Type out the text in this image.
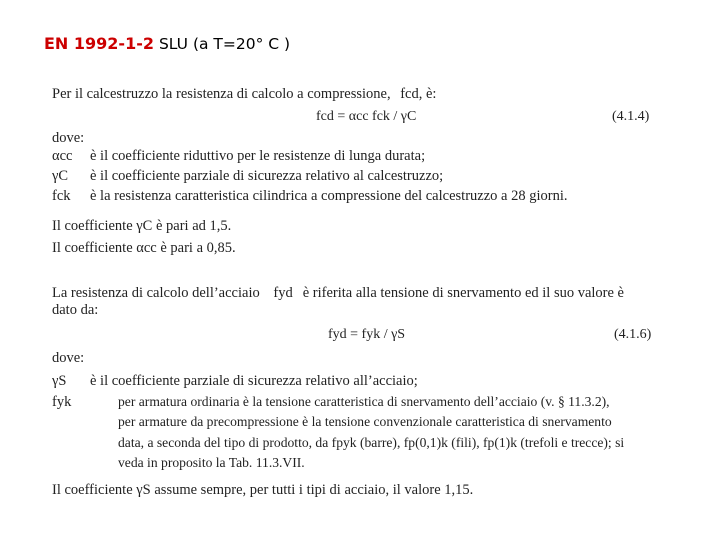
EN 1992-1-2 SLU (a T=20° C )
Per il calcestruzzo la resistenza di calcolo a compressione, fcd, è:
fcd = αcc fck / γC	(4.1.4)
dove:
αcc è il coefficiente riduttivo per le resistenze di lunga durata;
γC è il coefficiente parziale di sicurezza relativo al calcestruzzo;
fck è la resistenza caratteristica cilindrica a compressione del calcestruzzo a 28 giorni.
Il coefficiente γC è pari ad 1,5.
Il coefficiente αcc è pari a 0,85.
La resistenza di calcolo dell’acciaio fyd è riferita alla tensione di snervamento ed il suo valore è
dato da:
fyd = fyk / γS	(4.1.6)
dove:
γS è il coefficiente parziale di sicurezza relativo all’acciaio;
fyk	per armatura ordinaria è la tensione caratteristica di snervamento dell’acciaio (v. § 11.3.2),
per armature da precompressione è la tensione convenzionale caratteristica di snervamento
data, a seconda del tipo di prodotto, da fpyk (barre), fp(0,1)k (fili), fp(1)k (trefoli e trecce); si
veda in proposito la Tab. 11.3.VII.
Il coefficiente γS assume sempre, per tutti i tipi di acciaio, il valore 1,15.
